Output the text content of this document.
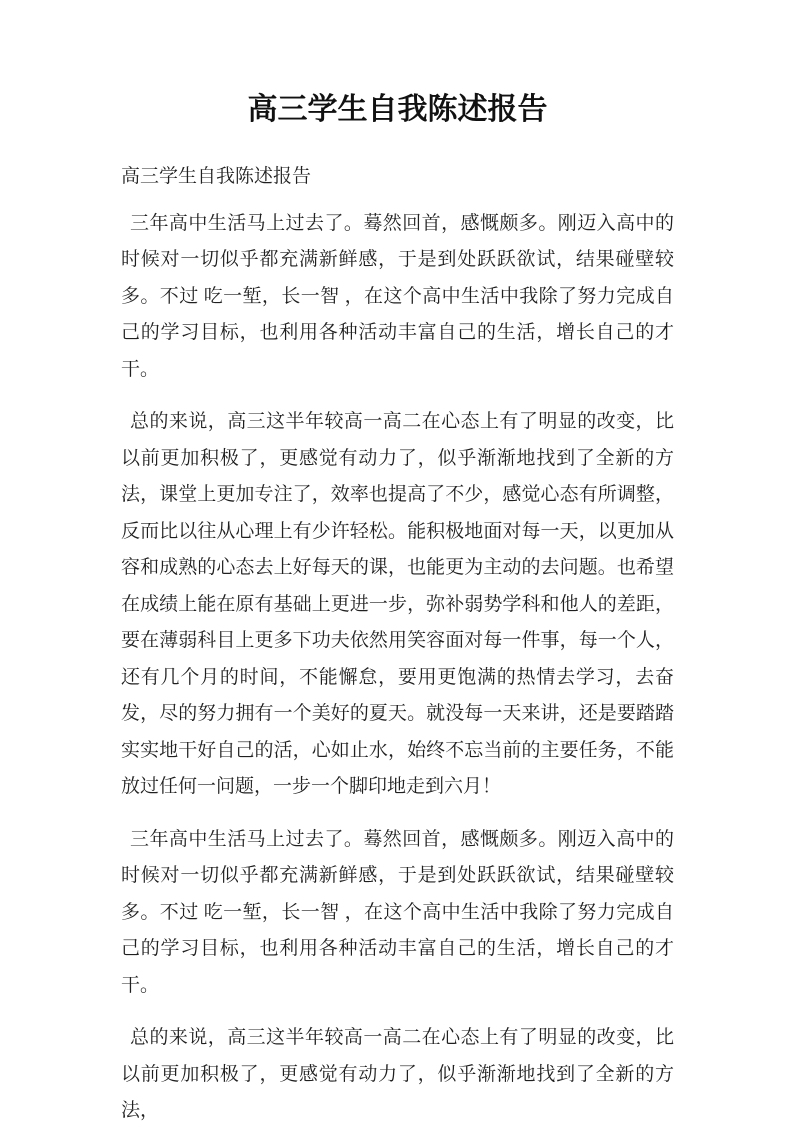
高三学生自我陈述报告

高三学生自我陈述报告

三年高中生活马上过去了。蓦然回首，感慨颇多。刚迈入高中的时候对一切似乎都充满新鲜感，于是到处跃跃欲试，结果碰壁较多。不过 吃一堑，长一智 ，在这个高中生活中我除了努力完成自己的学习目标，也利用各种活动丰富自己的生活，增长自己的才干。

总的来说，高三这半年较高一高二在心态上有了明显的改变，比以前更加积极了，更感觉有动力了，似乎渐渐地找到了全新的方法，课堂上更加专注了，效率也提高了不少，感觉心态有所调整，反而比以往从心理上有少许轻松。能积极地面对每一天，以更加从容和成熟的心态去上好每天的课，也能更为主动的去问题。也希望在成绩上能在原有基础上更进一步，弥补弱势学科和他人的差距，要在薄弱科目上更多下功夫依然用笑容面对每一件事，每一个人，还有几个月的时间，不能懈怠，要用更饱满的热情去学习，去奋发，尽的努力拥有一个美好的夏天。就没每一天来讲，还是要踏踏实实地干好自己的活，心如止水，始终不忘当前的主要任务，不能放过任何一问题，一步一个脚印地走到六月！

三年高中生活马上过去了。蓦然回首，感慨颇多。刚迈入高中的时候对一切似乎都充满新鲜感，于是到处跃跃欲试，结果碰壁较多。不过 吃一堑，长一智 ，在这个高中生活中我除了努力完成自己的学习目标，也利用各种活动丰富自己的生活，增长自己的才干。

总的来说，高三这半年较高一高二在心态上有了明显的改变，比以前更加积极了，更感觉有动力了，似乎渐渐地找到了全新的方法，
